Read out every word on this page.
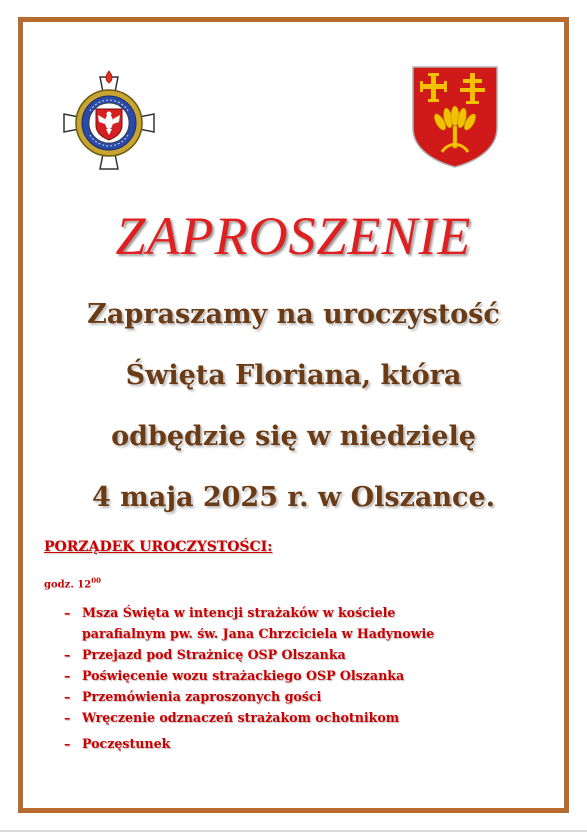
ZAPROSZENIE
Zapraszamy na uroczystość
Święta Floriana, która
odbędzie się w niedzielę
4 maja 2025 r. w Olszance.
PORZĄDEK UROCZYSTOŚCI:
godz. $12^{00}$
– Msza Święta w intencji strażaków w kościele
parafialnym pw. św. Jana Chrzciciela w Hadynowie
– Przejazd pod Strażnicę OSP Olszanka
– Poświęcenie wozu strażackiego OSP Olszanka
– Przemówienia zaproszonych gości
– Wręczenie odznaczeń strażakom ochotnikom
– Poczęstunek
